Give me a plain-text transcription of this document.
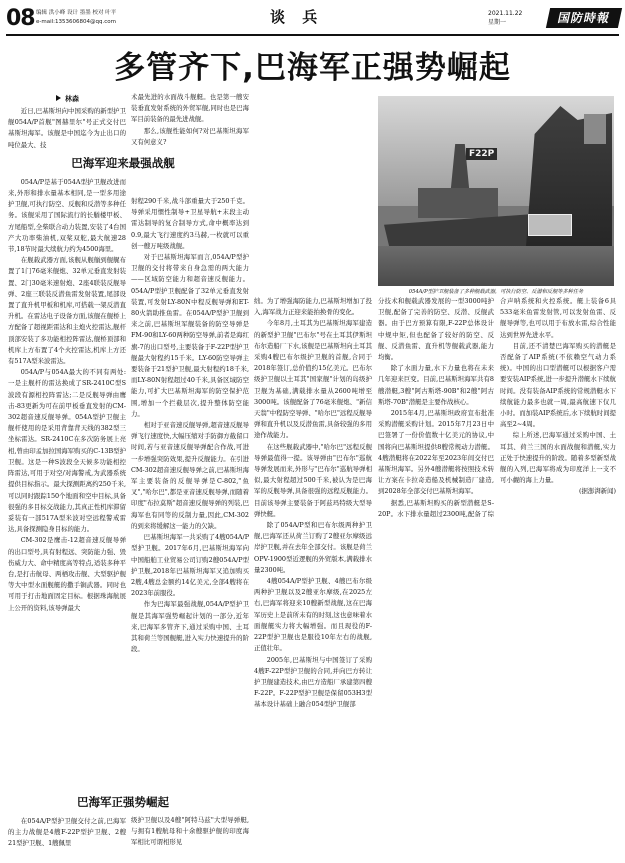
08 编辑 洪小峰 设计 墨墨 校对 叶平
e-mail:1353606804@qq.com	谈 兵	2021.11.22
星期一	国防時報
多管齐下,巴海军正强势崛起
林森

近日,巴基斯坦向中国采购的新型护卫舰054A/P首舰"图赫里尔"号正式交付巴基斯坦海军。该舰是中国迄今为止出口的吨位最大、技

巴海军迎来最强战舰

054A/P是基于054A型护卫舰改进而来,外形和排水量基本相同,是一型多用途护卫舰,可执行防空、反舰和反潜等多种任务。该舰采用了国际流行的长艏楼甲板、方尾船型,全柴联合动力装置,安装了4台国产大功率柴油机,双桨双舵,最大航速28节,18节时最大续航力约为4500海里。

在舰载武器方面,该舰从舰艏到舰艉布置了1门76毫米舰炮、32单元垂直发射装置、2门30毫米速射炮、2座4联装反舰导弹、2座三联装反潜鱼雷发射装置,尾部设置了直升机甲板和机库,可搭载一架反潜直升机。在雷达电子设备方面,该舰在舰桥上方配备了超视距雷达和主炮火控雷达,舰杆顶部安装了多功能相控阵雷达,舰桥顶部和机库上方布置了4个火控雷达,机库上方还有517A型米波雷达。

054A/P与054A最大的不同有两处:一是主舰杆的雷达换成了SR-2410C型S波段有源相控阵雷达;二是反舰导弹由鹰击-83更新为可在前甲板垂直发射的CM-302超音速反舰导弹。054A型护卫舰主舰杆使用的是采用背靠背天线的382型三坐标雷达。SR-2410C在多次防务展上亮相,曾由印孟加拉国海军购买的C-13B型护卫舰。这是一种S波段全天候多功能相控阵雷达,可用于对空/对海警戒,为武器系统提供目标指示。最大探测距离约250千米,可以同时跟踪150个地面和空中目标,具备很强的多目标交战能力,其真正性机库滞留妥装有一部517A型米波对空远程警戒雷达,具备探测隐身目标的能力。

CM-302是鹰击-12超音速反舰导弹的出口型号,具有射程远、突防能力强、毁伤威力大、命中精度高等特点,适装多种平台,是打击航母、两栖攻击舰、大型驱护舰等大中型水面舰艇的撒手锏武器。同时也可用于打击地面固定目标。根据珠海航展上公开的资料,该导弹最大

巴海军正强势崛起

在054A/P型护卫舰交付之前,巴海军的主力战舰是4艘F-22P型护卫舰、2艘21型护卫舰、1艘佩里

术最先进的水面战斗舰艇。也是第一艘安装垂直发射系统的外贸军舰,同时也是巴海军目前装备的最先进战舰。

那么,该舰性能如何?对巴基斯坦海军又有何意义?

射程290千米,战斗部重量大于250千克。导弹采用惯性制导+卫星导航+末段主动雷达制导的复合制导方式,命中概率达到0.9,最大飞行速度约3马赫,一枚就可以重创一艘万吨级战舰。

对于巴基斯坦海军而言,054A/P型护卫舰的交付将带来自身急需的两大能力——区域防空能力和超音速反舰能力。054A/P型护卫舰配备了32单元垂直发射装置,可发射LY-80N中程反舰导弹和ET-80火箭助推鱼雷。在054A/P型护卫舰到来之前,巴基斯坦军舰装备的防空导弹是FM-90和LY-60两种防空导弹,前者是海红旗-7的出口型号,主要装备于F-22P型护卫舰最大射程约15千米。LY-60防空导弹主要装备于21型护卫舰,最大射程约18千米,而LY-80N射程超过40千米,具备区域防空能力,可扩大巴基斯坦海军的防空保护范围,增加一个拦截层次,提升整体防空能力。

相对于亚音速反舰导弹,超音速反舰导弹飞行速度快,大幅压缩对手防御方截留口时间,若与亚音速反舰导弹配合作战,可进一步增强突防效果,提升反舰能力。在引进CM-302超音速反舰导弹之前,巴基斯坦海军主要装备的反舰导弹是C-802,"鱼叉","哈尔巴",都是亚音速反舰导弹,而随着印度"布拉莫斯"超音速反舰导弹的列装,巴海军也有同等的反制力量,因此,CM-302的到来将缓解这一能力的欠缺。

巴基斯坦海军一共采购了4艘054A/P型护卫舰。2017年6月,巴基斯坦海军向中国船舶工业贸易公司订购2艘054A/P型护卫舰,2018年巴基斯坦海军又追加购买2艘,4艘总金额约14亿美元,全部4艘将在2023年前服役。

作为巴海军最强战舰,054A/P型护卫舰是其海军强势崛起计划的一部分,近年来,巴海军多管齐下,通过采购中国、土耳其和荷兰等国舰艇,进入实力快速提升的阶段。

级护卫舰以及4艘"阿特马兹"大型导弹艇,与拥有1艘航母和十余艘驱护舰的印度海军相比可谓相形见

绌。为了增强海防能力,巴基斯坦增加了投入,海军战力正迎来能拍换骨的变化。

今年8月,土耳其为巴基斯坦海军建造的新型护卫舰"巴布尔"号在土耳其伊斯坦布尔造船厂下水,该舰是巴基斯坦向土耳其采购4艘巴布尔级护卫舰的首舰,合同于2018年签订,总价值约15亿美元。巴布尔级护卫舰以土耳其"国家舰"计划的岛级护卫舰为基础,满载排水量从2600吨增至3000吨。该舰配备了76毫米舰炮、"新信天翁"中程防空导弹、"哈尔巴"远程反舰导弹和直升机以及反潜鱼雷,具备较强的多用途作战能力。

在这些舰载武器中,"哈尔巴"远程反舰导弹最值得一提。该导弹由"巴布尔"巡航导弹发展而来,外形与"巴布尔"巡航导弹相似,最大射程超过500千米,被认为是巴海军的反舰导弹,具备很强的远程反舰能力。目前该导弹主要装备于阿兹玛特级大型导弹快艇。

除了054A/P型和巴布尔级两种护卫舰,巴海军还从荷兰订购了2艘亚尔摩级远岸护卫舰,并在去年全部交付。该舰是荷兰OPV-1900型近逻舰的外贸版本,满载排水量2300吨。

4艘054A/P型护卫舰、4艘巴布尔级两种护卫舰以及2艘亚尔摩级,在2025左右,巴海军将迎来10艘新型战舰,这在巴海军历史上是前所未有的时刻,这也意味着水面舰艇实力将大幅增强。而且现役的F-22P型护卫舰也是服役10年左右的战舰,正值壮年。

2005年,巴基斯坦与中国签订了采购4艘F-22P型护卫舰的合同,并向巴方转让护卫舰建造技术,由巴方造船厂承建第四艘F-22P。F-22P型护卫舰是保留053H3型基本设计基础上融合054型护卫舰部

分技术和舰载武器发展的一型3000吨护卫舰,配备了完善的防空、反潜、反舰武器。由于巴方预算有限,F-22P总体设计中规中矩,但也配备了较好的防空、反舰、反潜鱼雷、直升机等舰载武器,能力均衡。

除了水面力量,水下力量也将在未来几年迎来巨变。目前,巴基斯坦海军共有8艘潜艇,3艘"阿古斯塔-90B"和2艘"阿古斯塔-70B"潜艇是主要作战核心。

2015年4月,巴基斯坦政府宣布批准采购潜艇采购计划。2015年7月23日中巴签署了一份价值数十亿美元的协议,中国将向巴基斯坦提供8艘常规动力潜艇。4艘潜艇将在2022年至2023年间交付巴基斯坦海军。另外4艘潜艇将按照技术转让方案在卡拉奇造船及机械制造厂建造,到2028年全部交付巴基斯坦海军。

据悉,巴基斯坦购买的新型潜艇是S-20P。水下排水量超过2300吨,配备了综合声呐系统和火控系统。艇上装备6具533毫米鱼雷发射管,可以发射鱼雷、反舰导弹等,也可以用于布放水雷,综合性能达到世界先进水平。

目前,还不清楚巴海军购买的潜艇是否配备了AIP系统(不依赖空气动力系统)。中国的出口型潜艇可以根据客户需要安装AIP系统,进一步提升潜艇水下续航时间。没有装备AIP系统的常规潜艇水下续航能力最多也就一周,最高航速下仅几小时。而加装AIP系统后,水下续航时间提高至2~4周。

综上所述,巴海军通过采购中国、土耳其、荷兰三国的水面战舰和潜艇,实力正处于快速提升的阶段。随着多型新型战舰的入列,巴海军将成为印度洋上一支不可小觑的海上力量。

(据澎湃新闻)

F22P
054A/P型护卫舰装备了多种舰载武器，可执行防空、反潜和反舰等多种任务
